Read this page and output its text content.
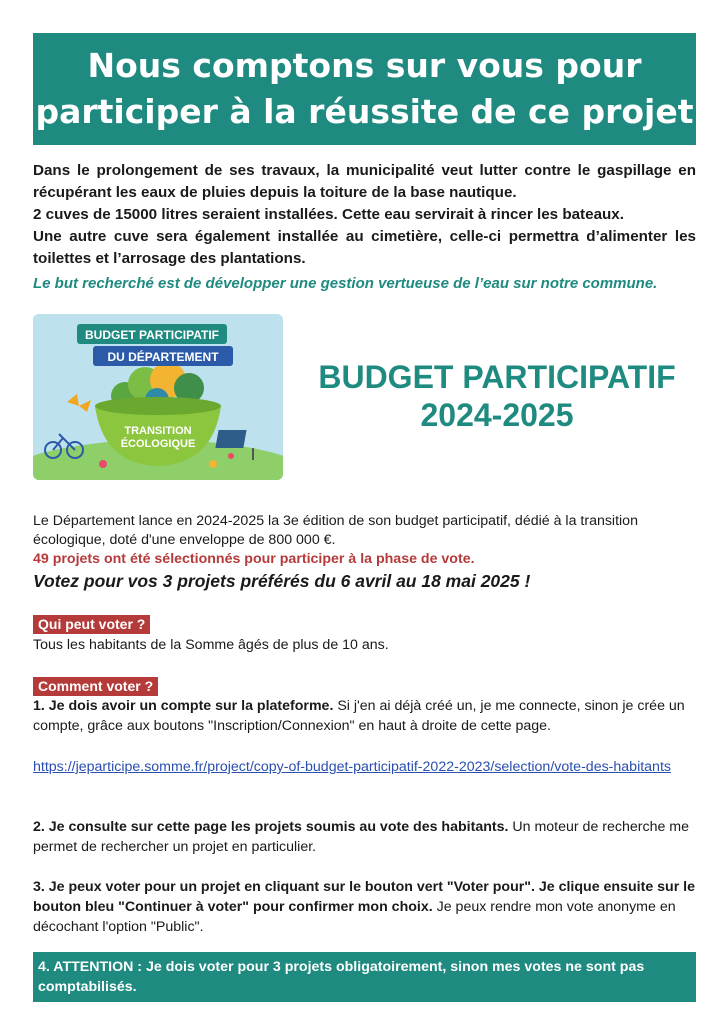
Nous comptons sur vous pour
participer à la réussite de ce projet

Dans le prolongement de ses travaux, la municipalité veut lutter contre le gaspillage en récupérant les eaux de pluies depuis la toiture de la base nautique.

2 cuves de 15000 litres seraient installées. Cette eau servirait à rincer les bateaux.

Une autre cuve sera également installée au cimetière, celle-ci permettra d’alimenter les toilettes et l’arrosage des plantations.

Le but recherché est de développer une gestion vertueuse de l’eau sur notre commune.
TRANSITION
ÉCOLOGIQUE
BUDGET PARTICIPATIF
DU DÉPARTEMENT
BUDGET PARTICIPATIF
2024-2025

Le Département lance en 2024-2025 la 3e édition de son budget participatif, dédié à la transition écologique, doté d'une enveloppe de 800 000 €.

49 projets ont été sélectionnés pour participer à la phase de vote.

Votez pour vos 3 projets préférés du 6 avril au 18 mai 2025 !
Qui peut voter ?
Tous les habitants de la Somme âgés de plus de 10 ans.
Comment voter ?

1. Je dois avoir un compte sur la plateforme. Si j'en ai déjà créé un, je me connecte, sinon je crée un compte, grâce aux boutons "Inscription/Connexion" en haut à droite de cette page.

https://jeparticipe.somme.fr/project/copy-of-budget-participatif-2022-2023/selection/vote-des-habitants

2. Je consulte sur cette page les projets soumis au vote des habitants. Un moteur de recherche me permet de rechercher un projet en particulier.

3. Je peux voter pour un projet en cliquant sur le bouton vert "Voter pour". Je clique ensuite sur le bouton bleu "Continuer à voter" pour confirmer mon choix. Je peux rendre mon vote anonyme en décochant l'option "Public".

4. ATTENTION : Je dois voter pour 3 projets obligatoirement, sinon mes votes ne sont pas comptabilisés.
